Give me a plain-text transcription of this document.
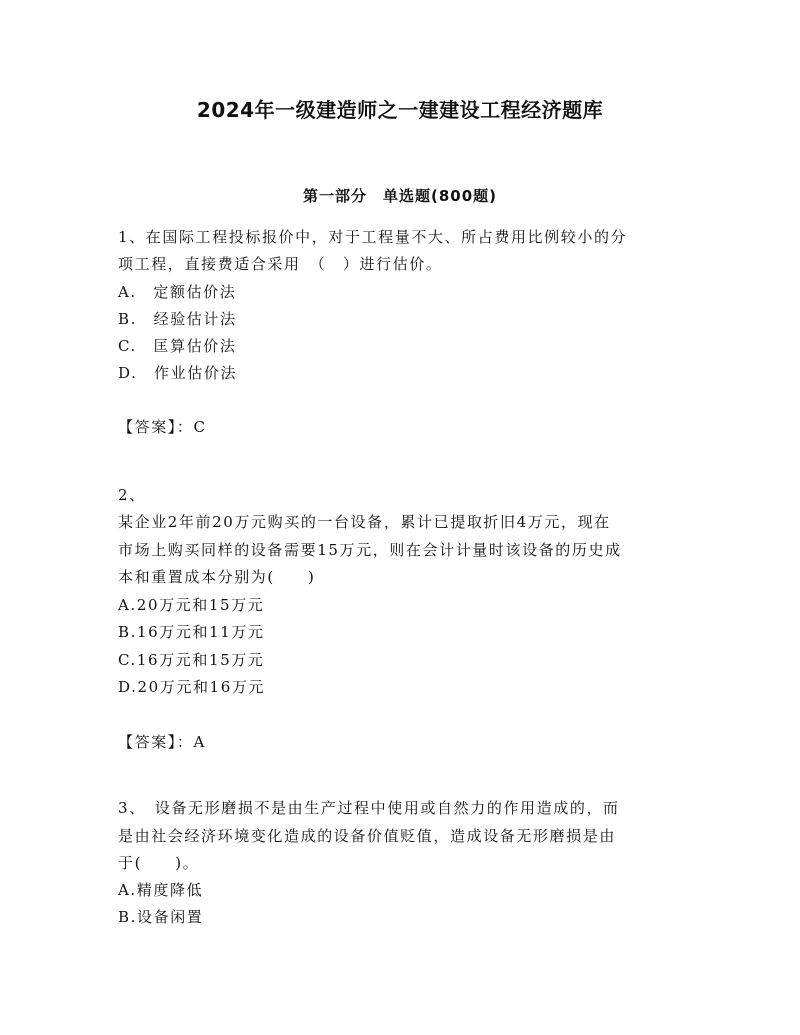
2024年一级建造师之一建建设工程经济题库
第一部分　单选题(800题)
1、在国际工程投标报价中，对于工程量不大、所占费用比例较小的分
项工程，直接费适合采用　（　）进行估价。
A.　定额估价法
B.　经验估计法
C.　匡算估价法
D.　作业估价法
【答案】：C
2、
某企业2年前20万元购买的一台设备，累计已提取折旧4万元，现在
市场上购买同样的设备需要15万元，则在会计计量时该设备的历史成
本和重置成本分别为(　　)
A.20万元和15万元
B.16万元和11万元
C.16万元和15万元
D.20万元和16万元
【答案】：A
3、　设备无形磨损不是由生产过程中使用或自然力的作用造成的，而
是由社会经济环境变化造成的设备价值贬值，造成设备无形磨损是由
于(　　)。
A.精度降低
B.设备闲置
